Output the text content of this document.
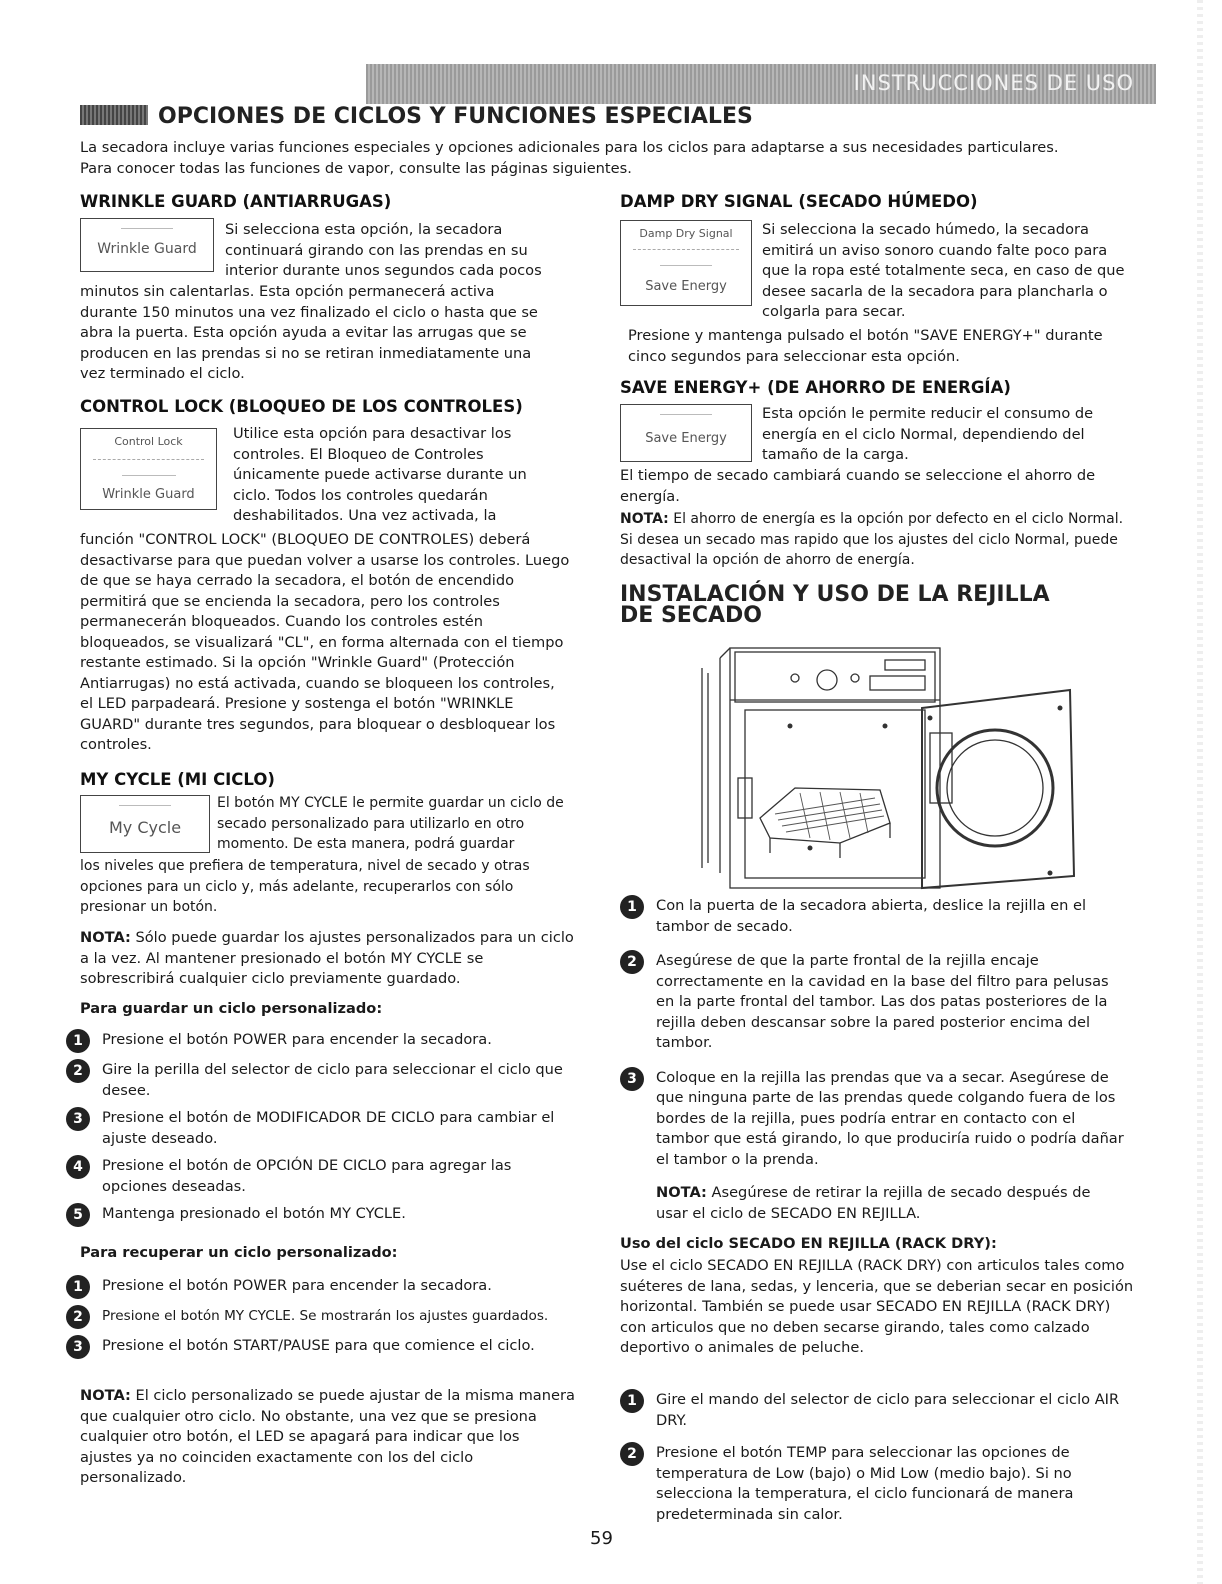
INSTRUCCIONES DE USO
OPCIONES DE CICLOS Y FUNCIONES ESPECIALES

La secadora incluye varias funciones especiales y opciones adicionales para los ciclos para adaptarse a sus necesidades particulares. Para conocer todas las funciones de vapor, consulte las páginas siguientes.

WRINKLE GUARD (ANTIARRUGAS)

Wrinkle Guard

Si selecciona esta opción, la secadora continuará girando con las prendas en su interior durante unos segundos cada pocos

minutos sin calentarlas. Esta opción permanecerá activa durante 150 minutos una vez finalizado el ciclo o hasta que se abra la puerta. Esta opción ayuda a evitar las arrugas que se producen en las prendas si no se retiran inmediatamente una vez terminado el ciclo.

CONTROL LOCK (BLOQUEO DE LOS CONTROLES)

Control Lock
Wrinkle Guard

Utilice esta opción para desactivar los controles. El Bloqueo de Controles únicamente puede activarse durante un ciclo. Todos los controles quedarán deshabilitados. Una vez activada, la

función "CONTROL LOCK" (BLOQUEO DE CONTROLES) deberá desactivarse para que puedan volver a usarse los controles. Luego de que se haya cerrado la secadora, el botón de encendido permitirá que se encienda la secadora, pero los controles permanecerán bloqueados. Cuando los controles estén bloqueados, se visualizará "CL", en forma alternada con el tiempo restante estimado. Si la opción "Wrinkle Guard" (Protección Antiarrugas) no está activada, cuando se bloqueen los controles, el LED parpadeará. Presione y sostenga el botón "WRINKLE GUARD" durante tres segundos, para bloquear o desbloquear los controles.

MY CYCLE (MI CICLO)

My Cycle

El botón MY CYCLE le permite guardar un ciclo de secado personalizado para utilizarlo en otro momento. De esta manera, podrá guardar

los niveles que prefiera de temperatura, nivel de secado y otras opciones para un ciclo y, más adelante, recuperarlos con sólo presionar un botón.

NOTA: Sólo puede guardar los ajustes personalizados para un ciclo a la vez. Al mantener presionado el botón MY CYCLE se sobrescribirá cualquier ciclo previamente guardado.

Para guardar un ciclo personalizado:

1	Presione el botón POWER para encender la secadora.
2	Gire la perilla del selector de ciclo para seleccionar el ciclo que desee.
3	Presione el botón de MODIFICADOR DE CICLO para cambiar el ajuste deseado.
4	Presione el botón de OPCIÓN DE CICLO para agregar las opciones deseadas.
5	Mantenga presionado el botón MY CYCLE.

Para recuperar un ciclo personalizado:

1	Presione el botón POWER para encender la secadora.
2	Presione el botón MY CYCLE. Se mostrarán los ajustes guardados.
3	Presione el botón START/PAUSE para que comience el ciclo.

NOTA: El ciclo personalizado se puede ajustar de la misma manera que cualquier otro ciclo. No obstante, una vez que se presiona cualquier otro botón, el LED se apagará para indicar que los ajustes ya no coinciden exactamente con los del ciclo personalizado.

DAMP DRY SIGNAL (SECADO HÚMEDO)

Damp Dry Signal
Save Energy

Si selecciona la secado húmedo, la secadora emitirá un aviso sonoro cuando falte poco para que la ropa esté totalmente seca, en caso de que desee sacarla de la secadora para plancharla o colgarla para secar.

Presione y mantenga pulsado el botón "SAVE ENERGY+" durante cinco segundos para seleccionar esta opción.

SAVE ENERGY+ (DE AHORRO DE ENERGÍA)

Save Energy

Esta opción le permite reducir el consumo de energía en el ciclo Normal, dependiendo del tamaño de la carga.

El tiempo de secado cambiará cuando se seleccione el ahorro de energía.

NOTA: El ahorro de energía es la opción por defecto en el ciclo Normal. Si desea un secado mas rapido que los ajustes del ciclo Normal, puede desactival la opción de ahorro de energía.

INSTALACIÓN Y USO DE LA REJILLA
DE SECADO
1	Con la puerta de la secadora abierta, deslice la rejilla en el tambor de secado.
2	Asegúrese de que la parte frontal de la rejilla encaje correctamente en la cavidad en la base del filtro para pelusas en la parte frontal del tambor. Las dos patas posteriores de la rejilla deben descansar sobre la pared posterior encima del tambor.
3	Coloque en la rejilla las prendas que va a secar. Asegúrese de que ninguna parte de las prendas quede colgando fuera de los bordes de la rejilla, pues podría entrar en contacto con el tambor que está girando, lo que produciría ruido o podría dañar el tambor o la prenda.

NOTA: Asegúrese de retirar la rejilla de secado después de usar el ciclo de SECADO EN REJILLA.

Uso del ciclo SECADO EN REJILLA (RACK DRY):

Use el ciclo SECADO EN REJILLA (RACK DRY) con articulos tales como suéteres de lana, sedas, y lenceria, que se deberian secar en posición horizontal. También se puede usar SECADO EN REJILLA (RACK DRY) con articulos que no deben secarse girando, tales como calzado deportivo o animales de peluche.

1	Gire el mando del selector de ciclo para seleccionar el ciclo AIR DRY.
2	Presione el botón TEMP para seleccionar las opciones de temperatura de Low (bajo) o Mid Low (medio bajo). Si no selecciona la temperatura, el ciclo funcionará de manera predeterminada sin calor.
59
